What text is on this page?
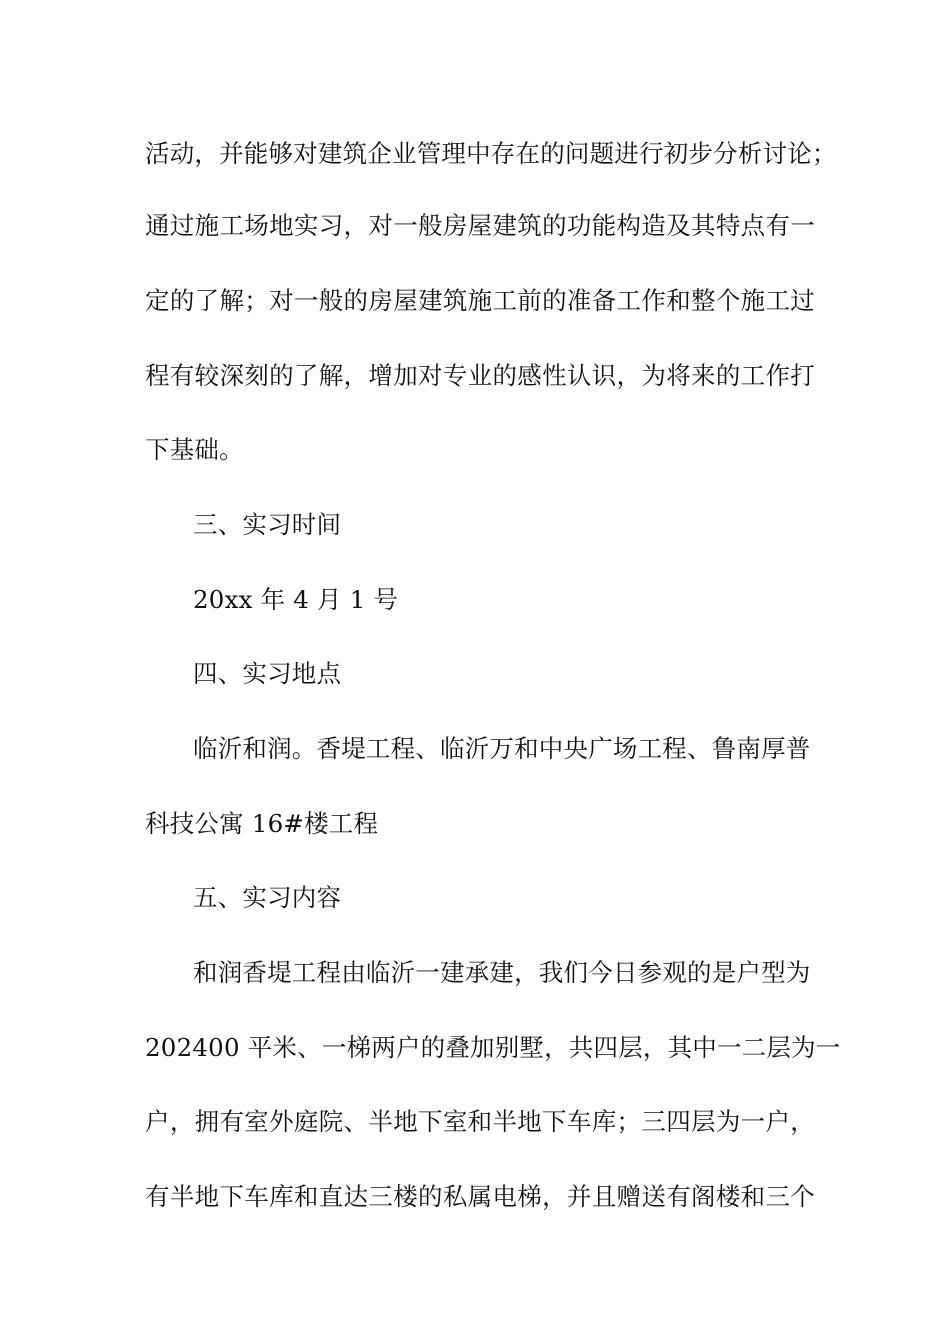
活动，并能够对建筑企业管理中存在的问题进行初步分析讨论；
通过施工场地实习，对一般房屋建筑的功能构造及其特点有一
定的了解；对一般的房屋建筑施工前的准备工作和整个施工过
程有较深刻的了解，增加对专业的感性认识，为将来的工作打
下基础。
三、实习时间
20xx 年 4 月 1 号
四、实习地点
临沂和润。香堤工程、临沂万和中央广场工程、鲁南厚普
科技公寓 16#楼工程
五、实习内容
和润香堤工程由临沂一建承建，我们今日参观的是户型为
202400 平米、一梯两户的叠加别墅，共四层，其中一二层为一
户，拥有室外庭院、半地下室和半地下车库；三四层为一户，
有半地下车库和直达三楼的私属电梯，并且赠送有阁楼和三个
